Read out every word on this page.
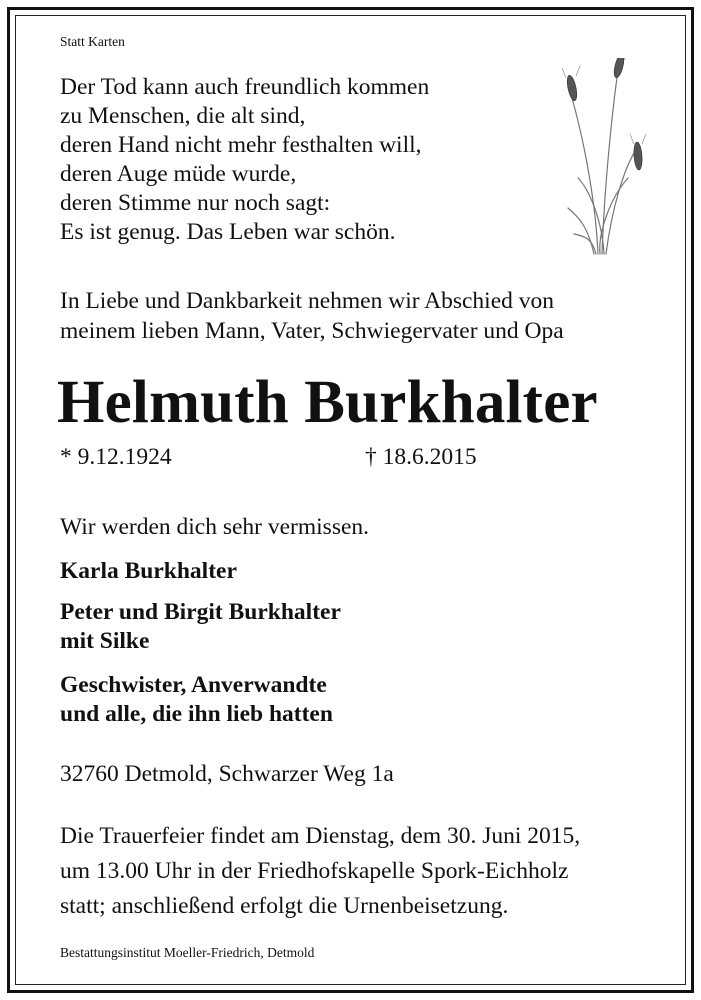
Statt Karten

Der Tod kann auch freundlich kommen
zu Menschen, die alt sind,
deren Hand nicht mehr festhalten will,
deren Auge müde wurde,
deren Stimme nur noch sagt:
Es ist genug. Das Leben war schön.

In Liebe und Dankbarkeit nehmen wir Abschied von

meinem lieben Mann, Vater, Schwiegervater und Opa

Helmuth Burkhalter

* 9.12.1924	† 18.6.2015

Wir werden dich sehr vermissen.

Karla Burkhalter

Peter und Birgit Burkhalter

mit Silke

Geschwister, Anverwandte

und alle, die ihn lieb hatten

32760 Detmold, Schwarzer Weg 1a

Die Trauerfeier findet am Dienstag, dem 30. Juni 2015,

um 13.00 Uhr in der Friedhofskapelle Spork-Eichholz

statt; anschließend erfolgt die Urnenbeisetzung.

Bestattungsinstitut Moeller-Friedrich, Detmold
